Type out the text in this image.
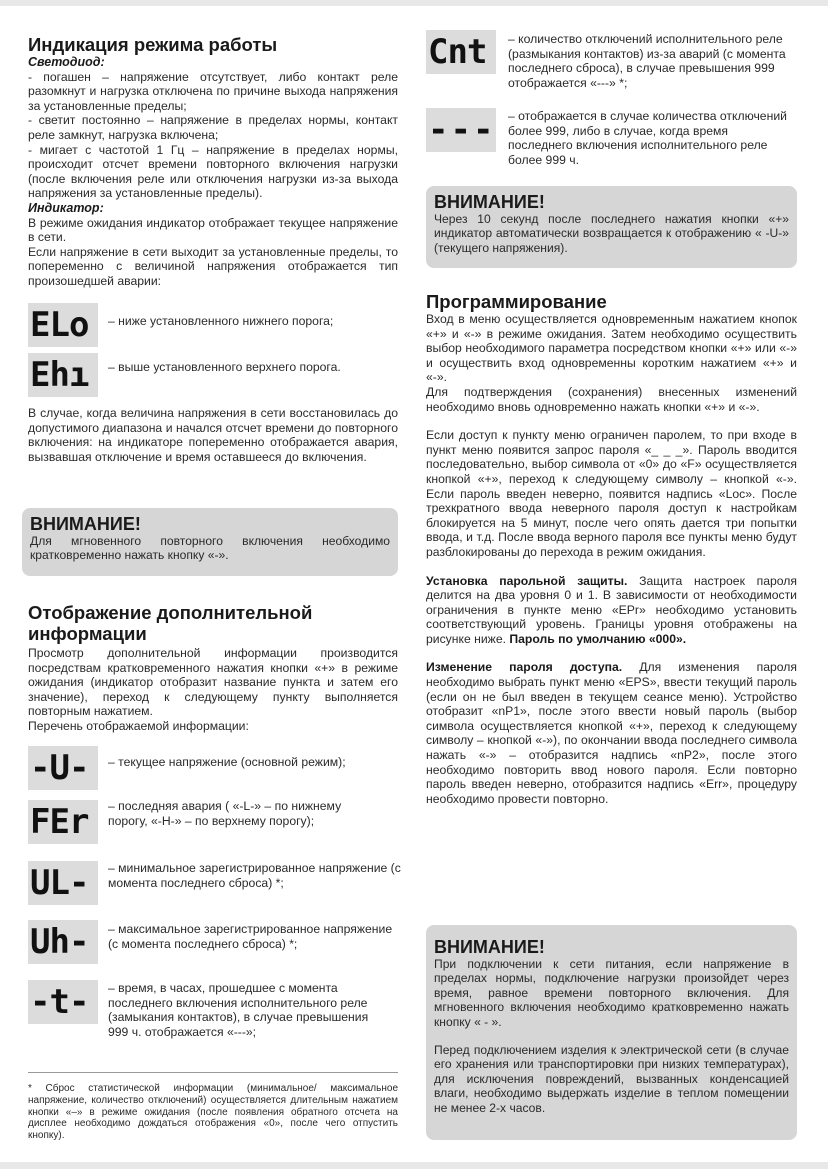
Индикация режима работы
Светодиод:

- погашен – напряжение отсутствует, либо контакт реле разомкнут и нагрузка отключена по причине выхода напряжения за установленные пределы;

- светит постоянно – напряжение в пределах нормы, контакт реле замкнут, нагрузка включена;

- мигает с частотой 1 Гц – напряжение в пределах нормы, происходит отсчет времени повторного включения нагрузки (после включения реле или отключения нагрузки из-за выхода напряжения за установленные пределы).

Индикатор:

В режиме ожидания индикатор отображает текущее напряжение в сети.

Если напряжение в сети выходит за установленные пределы, то попеременно с величиной напряжения отображается тип произошедшей аварии:

ELo	– ниже установленного нижнего порога;
Ehı	– выше установленного верхнего порога.

В случае, когда величина напряжения в сети восстановилась до допустимого диапазона и начался отсчет времени до повторного включения: на индикаторе попеременно отображается авария, вызвавшая отключение и время оставшееся до включения.

ВНИМАНИЕ!

Для мгновенного повторного включения необходимо кратковременно нажать кнопку «-».

Отображение дополнительной информации

Просмотр дополнительной информации производится посредствам кратковременного нажатия кнопки «+» в режиме ожидания (индикатор отобразит название пункта и затем его значение), переход к следующему пункту выполняется повторным нажатием.

Перечень отображаемой информации:

-U-	– текущее напряжение (основной режим);
FEr	– последняя авария ( «-L-» – по нижнему порогу, «-H-» – по верхнему порогу);
UL-	– минимальное зарегистрированное напряжение (с момента последнего сброса) *;
Uh-	– максимальное зарегистрированное напряжение (с момента последнего сброса) *;
-t-	– время, в часах, прошедшее с момента последнего включения исполнительного реле (замыкания контактов), в случае превышения 999 ч. отображается «---»;

* Сброс статистической информации (минимальное/ максимальное напряжение, количество отключений) осуществляется длительным нажатием кнопки «–» в режиме ожидания (после появления обратного отсчета на дисплее необходимо дождаться отображения «0», после чего отпустить кнопку).

Cnt	– количество отключений исполнительного реле (размыкания контактов) из-за аварий (с момента последнего сброса), в случае превышения 999 отображается «---» *;
--- – отображается в случае количества отключений более 999, либо в случае, когда время последнего включения исполнительного реле более 999 ч.
ВНИМАНИЕ!

Через 10 секунд после последнего нажатия кнопки «+» индикатор автоматически возвращается к отображению « -U-» (текущего напряжения).

Программирование

Вход в меню осуществляется одновременным нажатием кнопок «+» и «-» в режиме ожидания. Затем необходимо осуществить выбор необходимого параметра посредством кнопки «+» или «-» и осуществить вход одновременны коротким нажатием «+» и «-».

Для подтверждения (сохранения) внесенных изменений необходимо вновь одновременно нажать кнопки «+» и «-».

Если доступ к пункту меню ограничен паролем, то при входе в пункт меню появится запрос пароля «_ _ _». Пароль вводится последовательно, выбор символа от «0» до «F» осуществляется кнопкой «+», переход к следующему символу – кнопкой «-». Если пароль введен неверно, появится надпись «Loc». После трехкратного ввода неверного пароля доступ к настройкам блокируется на 5 минут, после чего опять дается три попытки ввода, и т.д. После ввода верного пароля все пункты меню будут разблокированы до перехода в режим ожидания.

Установка парольной защиты. Защита настроек пароля делится на два уровня 0 и 1. В зависимости от необходимости ограничения в пункте меню «EPr» необходимо установить соответствующий уровень. Границы уровня отображены на рисунке ниже. Пароль по умолчанию «000».

Изменение пароля доступа. Для изменения пароля необходимо выбрать пункт меню «EPS», ввести текущий пароль (если он не был введен в текущем сеансе меню). Устройство отобразит «nP1», после этого ввести новый пароль (выбор символа осуществляется кнопкой «+», переход к следующему символу – кнопкой «-»), по окончании ввода последнего символа нажать «-» – отобразится надпись «nP2», после этого необходимо повторить ввод нового пароля. Если повторно пароль введен неверно, отобразится надпись «Err», процедуру необходимо провести повторно.

ВНИМАНИЕ!

При подключении к сети питания, если напряжение в пределах нормы, подключение нагрузки произойдет через время, равное времени повторного включения. Для мгновенного включения необходимо кратковременно нажать кнопку « - ».

Перед подключением изделия к электрической сети (в случае его хранения или транспортировки при низких температурах), для исключения повреждений, вызванных конденсацией влаги, необходимо выдержать изделие в теплом помещении не менее 2-х часов.
